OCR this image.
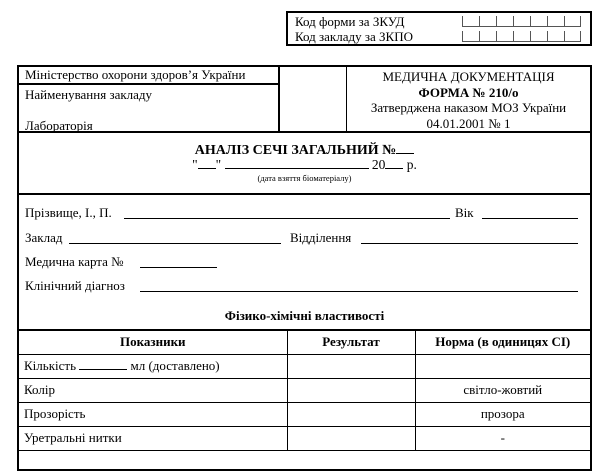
Код форми за ЗКУД
Код закладу за ЗКПО
Міністерство охорони здоров’я України
Найменування закладу
Лабораторія
МЕДИЧНА ДОКУМЕНТАЦІЯ
ФОРМА № 210/о
Затверджена наказом МОЗ України
04.01.2001 № 1
АНАЛІЗ СЕЧІ ЗАГАЛЬНИЙ №
" "	20 р.
(дата взяття біоматеріалу)
Прізвище, І., П.	Вік
Заклад	Відділення
Медична карта №
Клінічний діагноз
Фізико-хімічні властивості
Показники	Результат	Норма (в одиницях СІ)
Кількість мл (доставлено)		
Колір		світло-жовтий
Прозорість		прозора
Уретральні нитки		-
